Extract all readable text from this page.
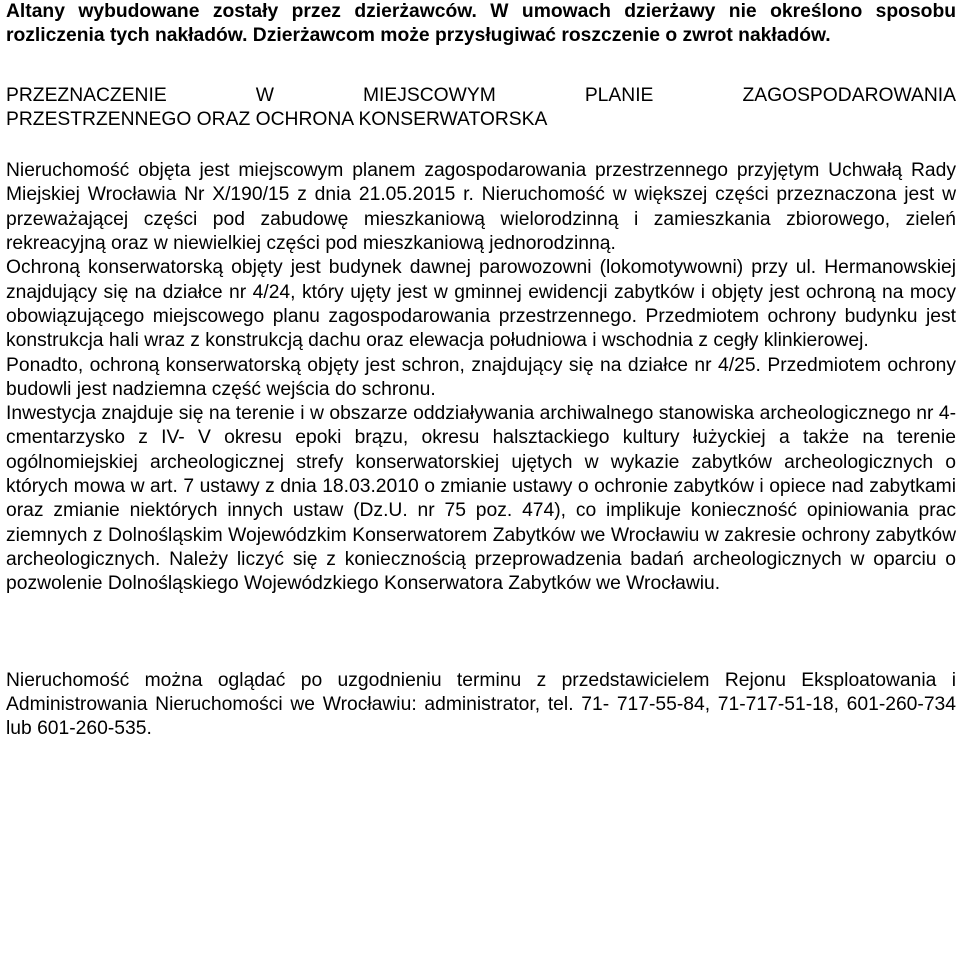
Altany wybudowane zostały przez dzierżawców. W umowach dzierżawy nie określono sposobu rozliczenia tych nakładów. Dzierżawcom może przysługiwać roszczenie o zwrot nakładów.

PRZEZNACZENIE W MIEJSCOWYM PLANIE ZAGOSPODAROWANIA

PRZESTRZENNEGO ORAZ OCHRONA KONSERWATORSKA

Nieruchomość objęta jest miejscowym planem zagospodarowania przestrzennego przyjętym Uchwałą Rady Miejskiej Wrocławia Nr X/190/15 z dnia 21.05.2015 r. Nieruchomość w większej części przeznaczona jest w przeważającej części pod zabudowę mieszkaniową wielorodzinną i zamieszkania zbiorowego, zieleń rekreacyjną oraz w niewielkiej części pod mieszkaniową jednorodzinną.

Ochroną konserwatorską objęty jest budynek dawnej parowozowni (lokomotywowni) przy ul. Hermanowskiej znajdujący się na działce nr 4/24, który ujęty jest w gminnej ewidencji zabytków i objęty jest ochroną na mocy obowiązującego miejscowego planu zagospodarowania przestrzennego. Przedmiotem ochrony budynku jest konstrukcja hali wraz z konstrukcją dachu oraz elewacja południowa i wschodnia z cegły klinkierowej.

Ponadto, ochroną konserwatorską objęty jest schron, znajdujący się na działce nr 4/25. Przedmiotem ochrony budowli jest nadziemna część wejścia do schronu.

Inwestycja znajduje się na terenie i w obszarze oddziaływania archiwalnego stanowiska archeologicznego nr 4- cmentarzysko z IV- V okresu epoki brązu, okresu halsztackiego kultury łużyckiej a także na terenie ogólnomiejskiej archeologicznej strefy konserwatorskiej ujętych w wykazie zabytków archeologicznych o których mowa w art. 7 ustawy z dnia 18.03.2010 o zmianie ustawy o ochronie zabytków i opiece nad zabytkami oraz zmianie niektórych innych ustaw (Dz.U. nr 75 poz. 474), co implikuje konieczność opiniowania prac ziemnych z Dolnośląskim Wojewódzkim Konserwatorem Zabytków we Wrocławiu w zakresie ochrony zabytków archeologicznych. Należy liczyć się z koniecznością przeprowadzenia badań archeologicznych w oparciu o pozwolenie Dolnośląskiego Wojewódzkiego Konserwatora Zabytków we Wrocławiu.

Nieruchomość można oglądać po uzgodnieniu terminu z przedstawicielem Rejonu Eksploatowania i Administrowania Nieruchomości we Wrocławiu: administrator, tel. 71- 717-55-84, 71-717-51-18, 601-260-734 lub 601-260-535.
